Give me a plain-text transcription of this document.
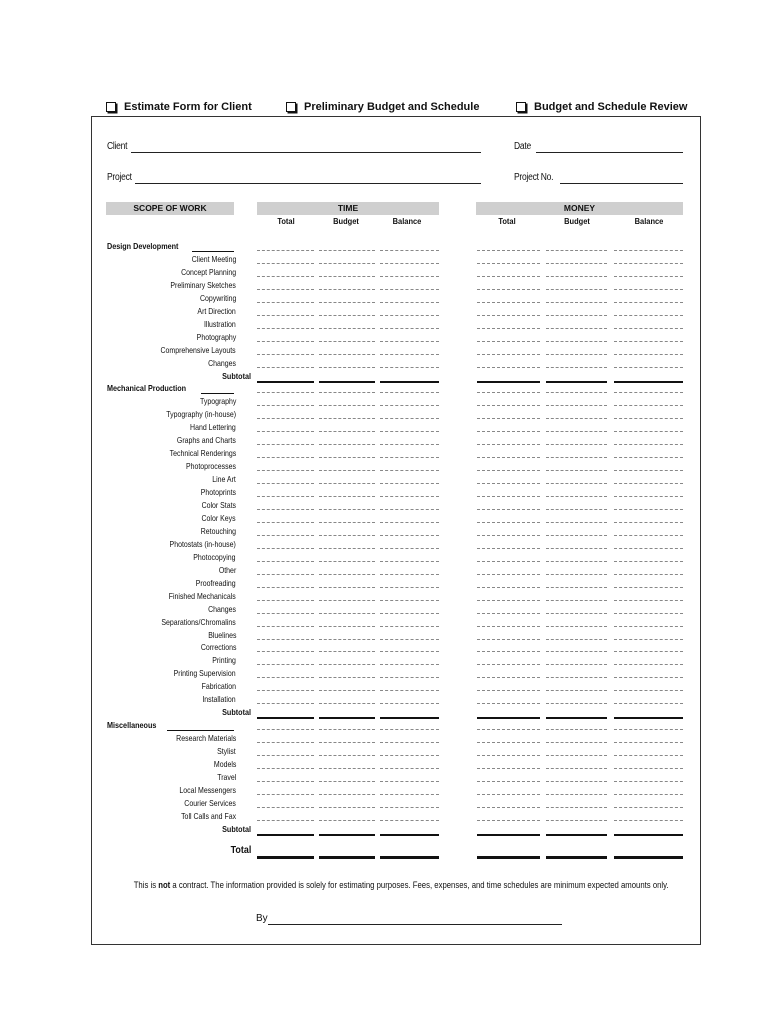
Estimate Form for Client	Preliminary Budget and Schedule	Budget and Schedule Review
Client	Date
Project	Project No.
SCOPE OF WORK	TIME	MONEY
Total	Budget	Balance	Total	Budget	Balance
Design Development
Client Meeting
Concept Planning
Preliminary Sketches
Copywriting
Art Direction
Illustration
Photography
Comprehensive Layouts
Changes
Subtotal
Mechanical Production
Typography
Typography (in-house)
Hand Lettering
Graphs and Charts
Technical Renderings
Photoprocesses
Line Art
Photoprints
Color Stats
Color Keys
Retouching
Photostats (in-house)
Photocopying
Other
Proofreading
Finished Mechanicals
Changes
Separations/Chromalins
Bluelines
Corrections
Printing
Printing Supervision
Fabrication
Installation
Subtotal
Miscellaneous
Research Materials
Stylist
Models
Travel
Local Messengers
Courier Services
Toll Calls and Fax
Subtotal
Total
This is not a contract. The information provided is solely for estimating purposes. Fees, expenses, and time schedules are minimum expected amounts only.
By
